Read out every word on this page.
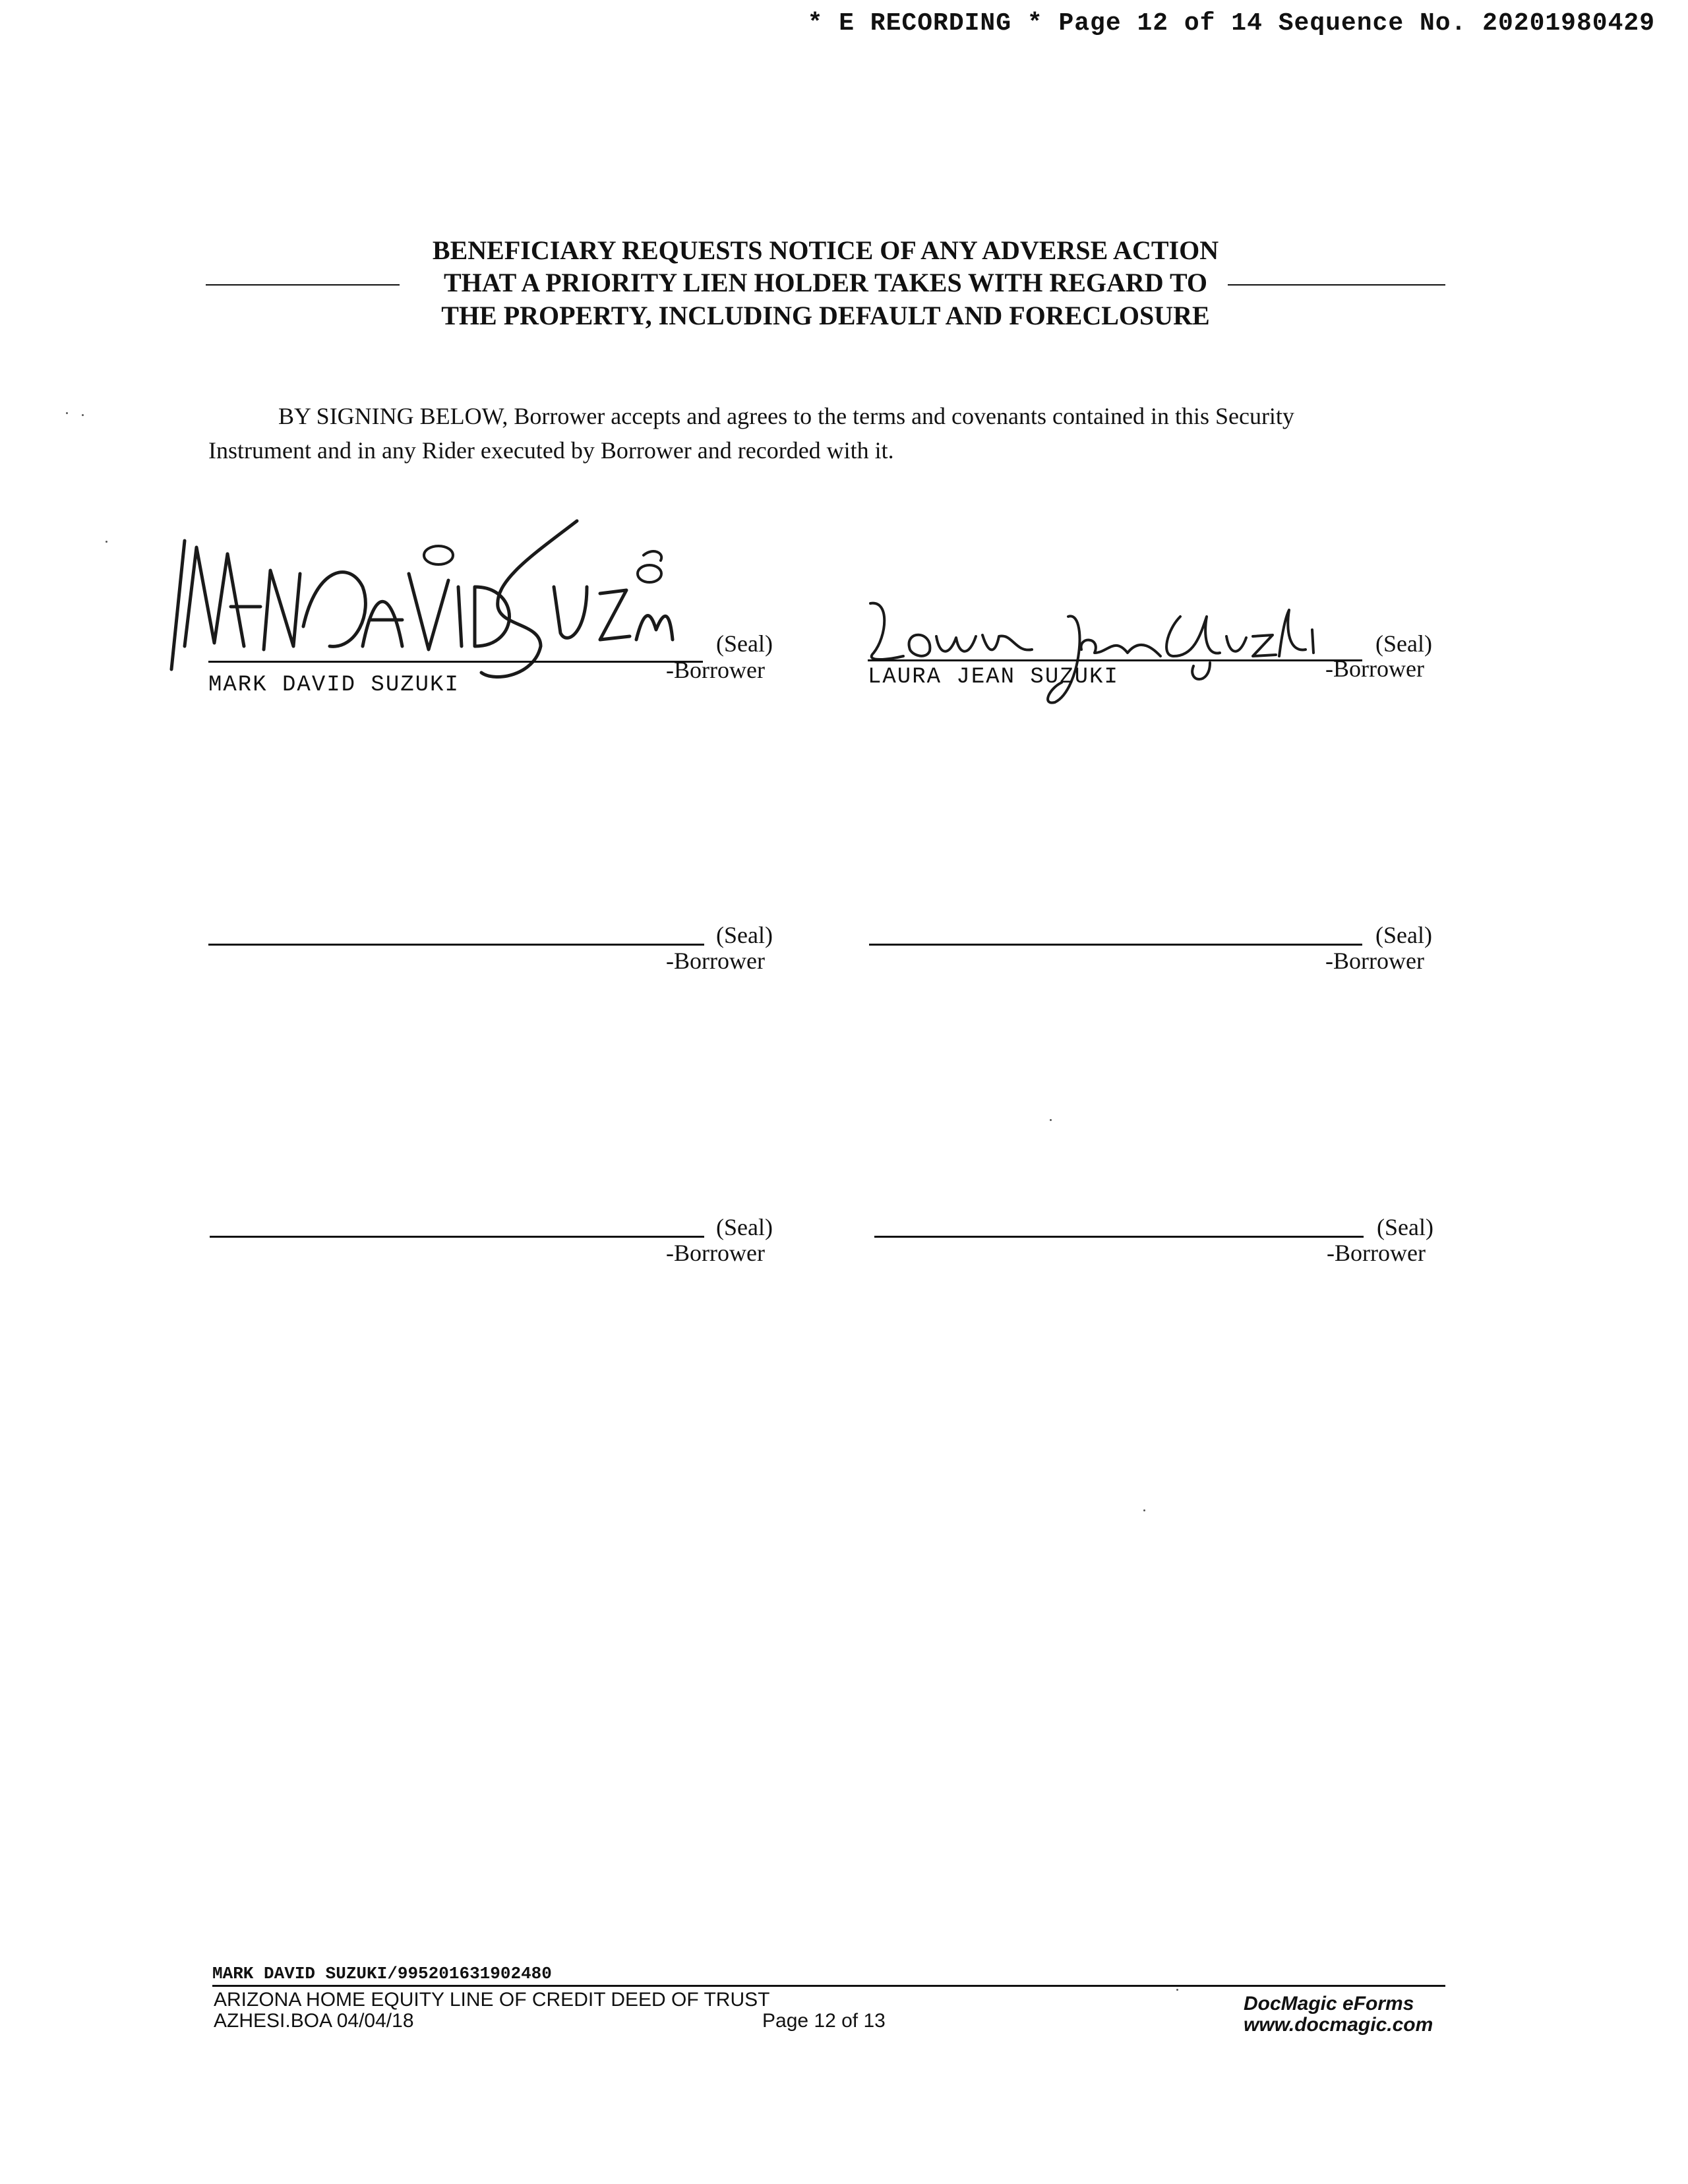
* E RECORDING * Page 12 of 14 Sequence No. 20201980429
BENEFICIARY REQUESTS NOTICE OF ANY ADVERSE ACTION
THAT A PRIORITY LIEN HOLDER TAKES WITH REGARD TO
THE PROPERTY, INCLUDING DEFAULT AND FORECLOSURE
BY SIGNING BELOW, Borrower accepts and agrees to the terms and covenants contained in this Security
Instrument and in any Rider executed by Borrower and recorded with it.
(Seal)
-Borrower
MARK DAVID SUZUKI
(Seal)
-Borrower
LAURA JEAN SUZUKI
(Seal)
-Borrower
(Seal)
-Borrower
(Seal)
-Borrower
(Seal)
-Borrower
MARK DAVID SUZUKI/995201631902480
ARIZONA HOME EQUITY LINE OF CREDIT DEED OF TRUST
AZHESI.BOA 04/04/18	Page 12 of 13
DocMagic eForms
www.docmagic.com
